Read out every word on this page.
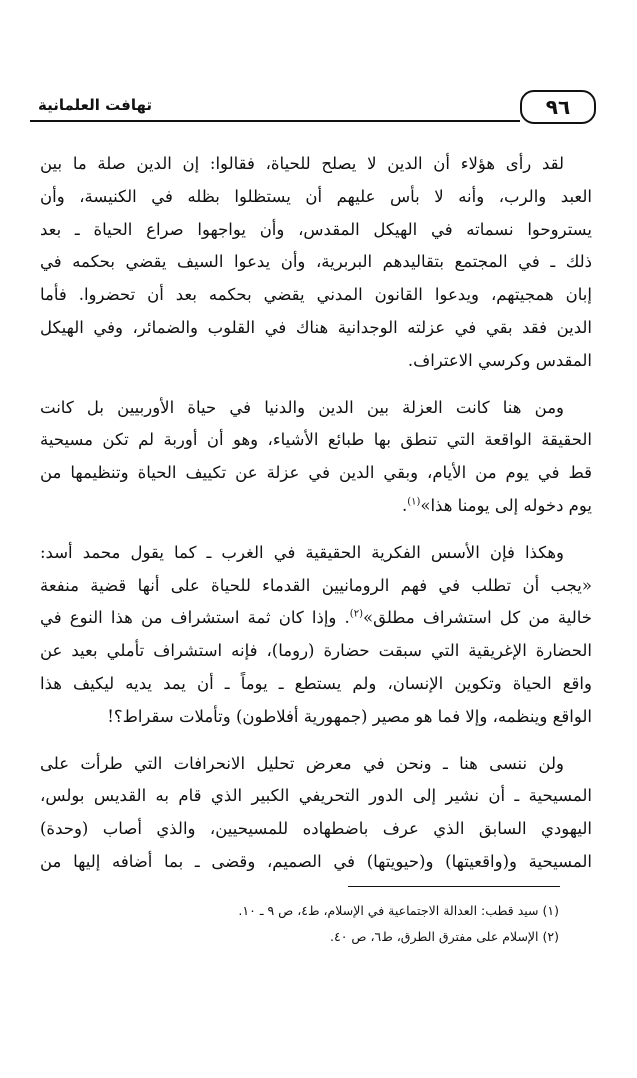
٩٦
تهافت العلمانية

لقد رأى هؤلاء أن الدين لا يصلح للحياة، فقالوا: إن الدين صلة ما بين
العبد والرب، وأنه لا بأس عليهم أن يستظلوا بظله في الكنيسة، وأن
يستروحوا نسماته في الهيكل المقدس، وأن يواجهوا صراع الحياة ـ بعد
ذلك ـ في المجتمع بتقاليدهم البربرية، وأن يدعوا السيف يقضي بحكمه في
إبان همجيتهم، ويدعوا القانون المدني يقضي بحكمه بعد أن تحضروا. فأما
الدين فقد بقي في عزلته الوجدانية هناك في القلوب والضمائر، وفي الهيكل
المقدس وكرسي الاعتراف.

ومن هنا كانت العزلة بين الدين والدنيا في حياة الأوربيين بل كانت
الحقيقة الواقعة التي تنطق بها طبائع الأشياء، وهو أن أوربة لم تكن مسيحية
قط في يوم من الأيام، وبقي الدين في عزلة عن تكييف الحياة وتنظيمها من
يوم دخوله إلى يومنا هذا»$^{(١)}$.

وهكذا فإن الأسس الفكرية الحقيقية في الغرب ـ كما يقول محمد أسد:
«يجب أن تطلب في فهم الرومانيين القدماء للحياة على أنها قضية منفعة
خالية من كل استشراف مطلق»$^{(٢)}$. وإذا كان ثمة استشراف من هذا النوع في
الحضارة الإغريقية التي سبقت حضارة (روما)، فإنه استشراف تأملي بعيد عن
واقع الحياة وتكوين الإنسان، ولم يستطع ـ يوماً ـ أن يمد يديه ليكيف هذا
الواقع وينظمه، وإلا فما هو مصير (جمهورية أفلاطون) وتأملات سقراط؟!

ولن ننسى هنا ـ ونحن في معرض تحليل الانحرافات التي طرأت على
المسيحية ـ أن نشير إلى الدور التحريفي الكبير الذي قام به القديس بولس،
اليهودي السابق الذي عرف باضطهاده للمسيحيين، والذي أصاب (وحدة)
المسيحية و(واقعيتها) و(حيويتها) في الصميم، وقضى ـ بما أضافه إليها من

(١) سيد قطب: العدالة الاجتماعية في الإسلام، ط٤، ص ٩ ـ ١٠.
(٢) الإسلام على مفترق الطرق، ط٦، ص ٤٠.
